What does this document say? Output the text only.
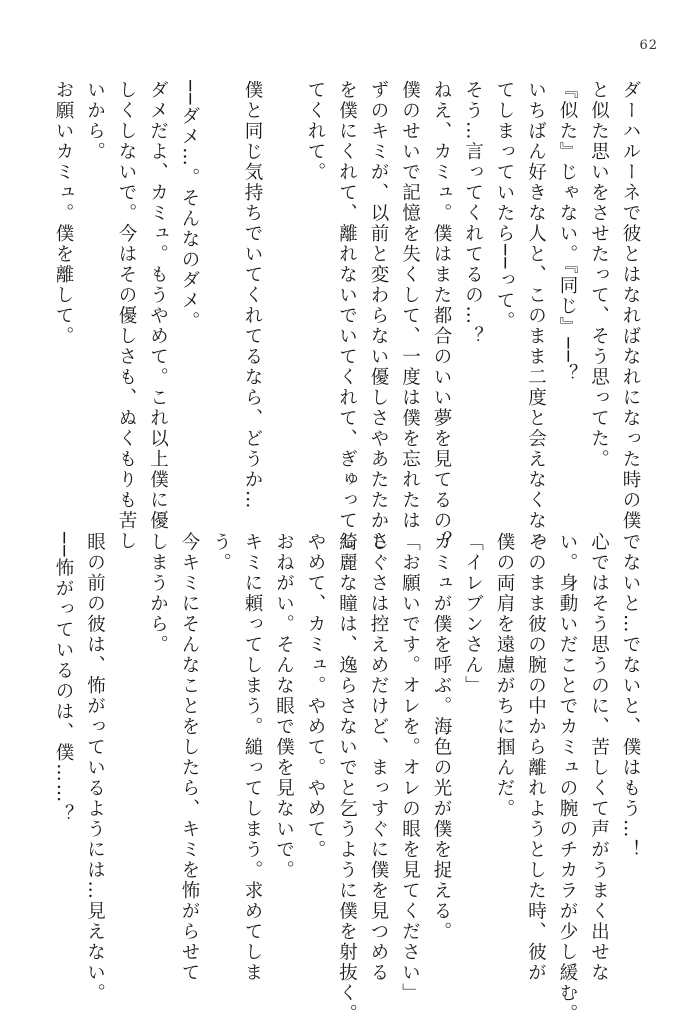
62
ダーハルーネで彼とはなればなれになった時の僕
と似た思いをさせたって、そう思ってた。
『似た』じゃない。『同じ』──？
いちばん好きな人と、このまま二度と会えなくなっ
てしまっていたら──って。
そう…言ってくれてるの…？
ねえ、カミュ。僕はまた都合のいい夢を見てるの？
僕のせいで記憶を失くして、一度は僕を忘れたは
ずのキミが、以前と変わらない優しさやあたたかさ
を僕にくれて、離れないでいてくれて、ぎゅってし
てくれて。
僕と同じ気持ちでいてくれてるなら、どうか…
──ダメ…。そんなのダメ。
ダメだよ、カミュ。もうやめて。これ以上僕に優
しくしないで。今はその優しさも、ぬくもりも苦し
いから。
お願いカミュ。僕を離して。
でないと…でないと、僕はもう…！
心ではそう思うのに、苦しくて声がうまく出せな
い。身動いだことでカミュの腕のチカラが少し緩む。
そのまま彼の腕の中から離れようとした時、彼が
僕の両肩を遠慮がちに掴んだ。
「イレブンさん」
カミュが僕を呼ぶ。海色の光が僕を捉える。
「お願いです。オレを。オレの眼を見てください」
しぐさは控えめだけど、まっすぐに僕を見つめる
綺麗な瞳は、逸らさないでと乞うように僕を射抜く。
やめて、カミュ。やめて。やめて。
おねがい。そんな眼で僕を見ないで。
キミに頼ってしまう。縋ってしまう。求めてしま
う。
今キミにそんなことをしたら、キミを怖がらせて
しまうから。
眼の前の彼は、怖がっているようには…見えない。
──怖がっているのは、僕……？
